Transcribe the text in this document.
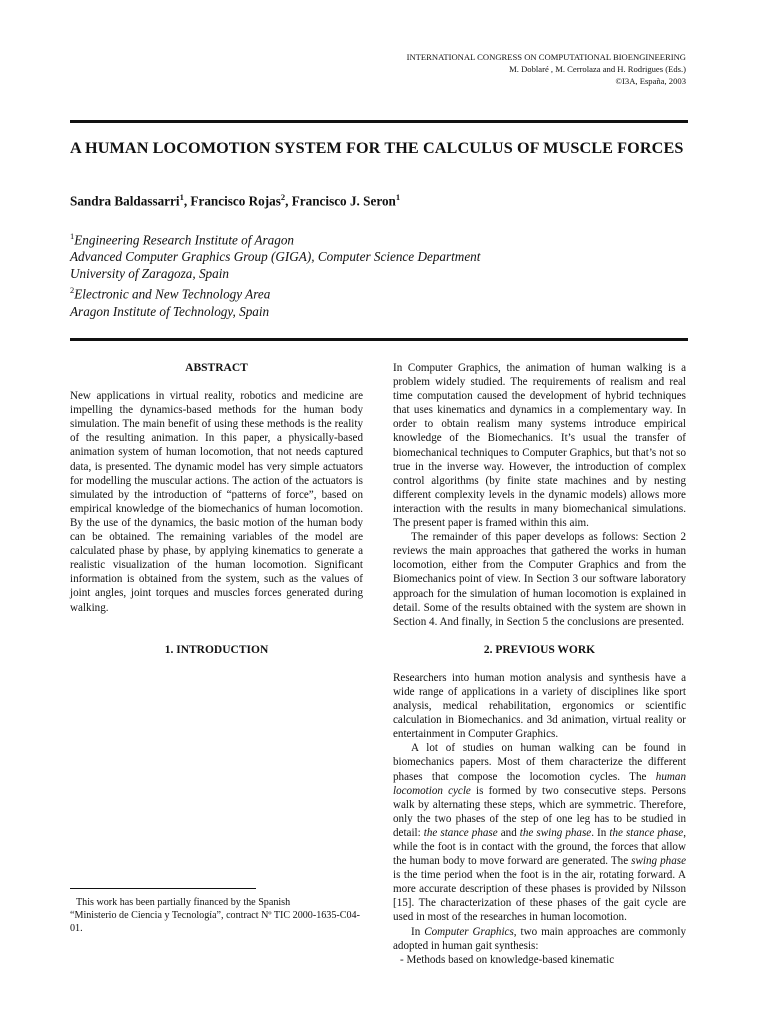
INTERNATIONAL CONGRESS ON COMPUTATIONAL BIOENGINEERING
M. Doblaré , M. Cerrolaza and H. Rodrigues (Eds.)
©I3A, España, 2003
A HUMAN LOCOMOTION SYSTEM FOR THE CALCULUS OF MUSCLE FORCES
Sandra Baldassarri$^1$, Francisco Rojas$^2$, Francisco J. Seron$^1$
$^1$Engineering Research Institute of Aragon
Advanced Computer Graphics Group (GIGA), Computer Science Department
University of Zaragoza, Spain
$^2$Electronic and New Technology Area
Aragon Institute of Technology, Spain
ABSTRACT

New applications in virtual reality, robotics and medicine are impelling the dynamics-based methods for the human body simulation. The main benefit of using these methods is the reality of the resulting animation. In this paper, a physically-based animation system of human locomotion, that not needs captured data, is presented. The dynamic model has very simple actuators for modelling the muscular actions. The action of the actuators is simulated by the introduction of “patterns of force”, based on empirical knowledge of the biomechanics of human locomotion. By the use of the dynamics, the basic motion of the human body can be obtained. The remaining variables of the model are calculated phase by phase, by applying kinematics to generate a realistic visualization of the human locomotion. Significant information is obtained from the system, such as the values of joint angles, joint torques and muscles forces generated during walking.

1. INTRODUCTION

In Computer Graphics, the animation of human walking is a problem widely studied. The requirements of realism and real time computation caused the development of hybrid techniques that uses kinematics and dynamics in a complementary way. In order to obtain realism many systems introduce empirical knowledge of the Biomechanics. It’s usual the transfer of biomechanical techniques to Computer Graphics, but that’s not so true in the inverse way. However, the introduction of complex control algorithms (by finite state machines and by nesting different complexity levels in the dynamic models) allows more interaction with the results in many biomechanical simulations. The present paper is framed within this aim.

The remainder of this paper develops as follows: Section 2 reviews the main approaches that gathered the works in human locomotion, either from the Computer Graphics and from the Biomechanics point of view. In Section 3 our software laboratory approach for the simulation of human locomotion is explained in detail. Some of the results obtained with the system are shown in Section 4. And finally, in Section 5 the conclusions are presented.

2. PREVIOUS WORK

Researchers into human motion analysis and synthesis have a wide range of applications in a variety of disciplines like sport analysis, medical rehabilitation, ergonomics or scientific calculation in Biomechanics. and 3d animation, virtual reality or entertainment in Computer Graphics.

A lot of studies on human walking can be found in biomechanics papers. Most of them characterize the different phases that compose the locomotion cycles. The human locomotion cycle is formed by two consecutive steps. Persons walk by alternating these steps, which are symmetric. Therefore, only the two phases of the step of one leg has to be studied in detail: the stance phase and the swing phase. In the stance phase, while the foot is in contact with the ground, the forces that allow the human body to move forward are generated. The swing phase is the time period when the foot is in the air, rotating forward. A more accurate description of these phases is provided by Nilsson [15]. The characterization of these phases of the gait cycle are used in most of the researches in human locomotion.

In Computer Graphics, two main approaches are commonly adopted in human gait synthesis:

- Methods based on knowledge-based kinematic

This work has been partially financed by the Spanish
“Ministerio de Ciencia y Tecnología”, contract Nº TIC 2000-1635-C04-01.
